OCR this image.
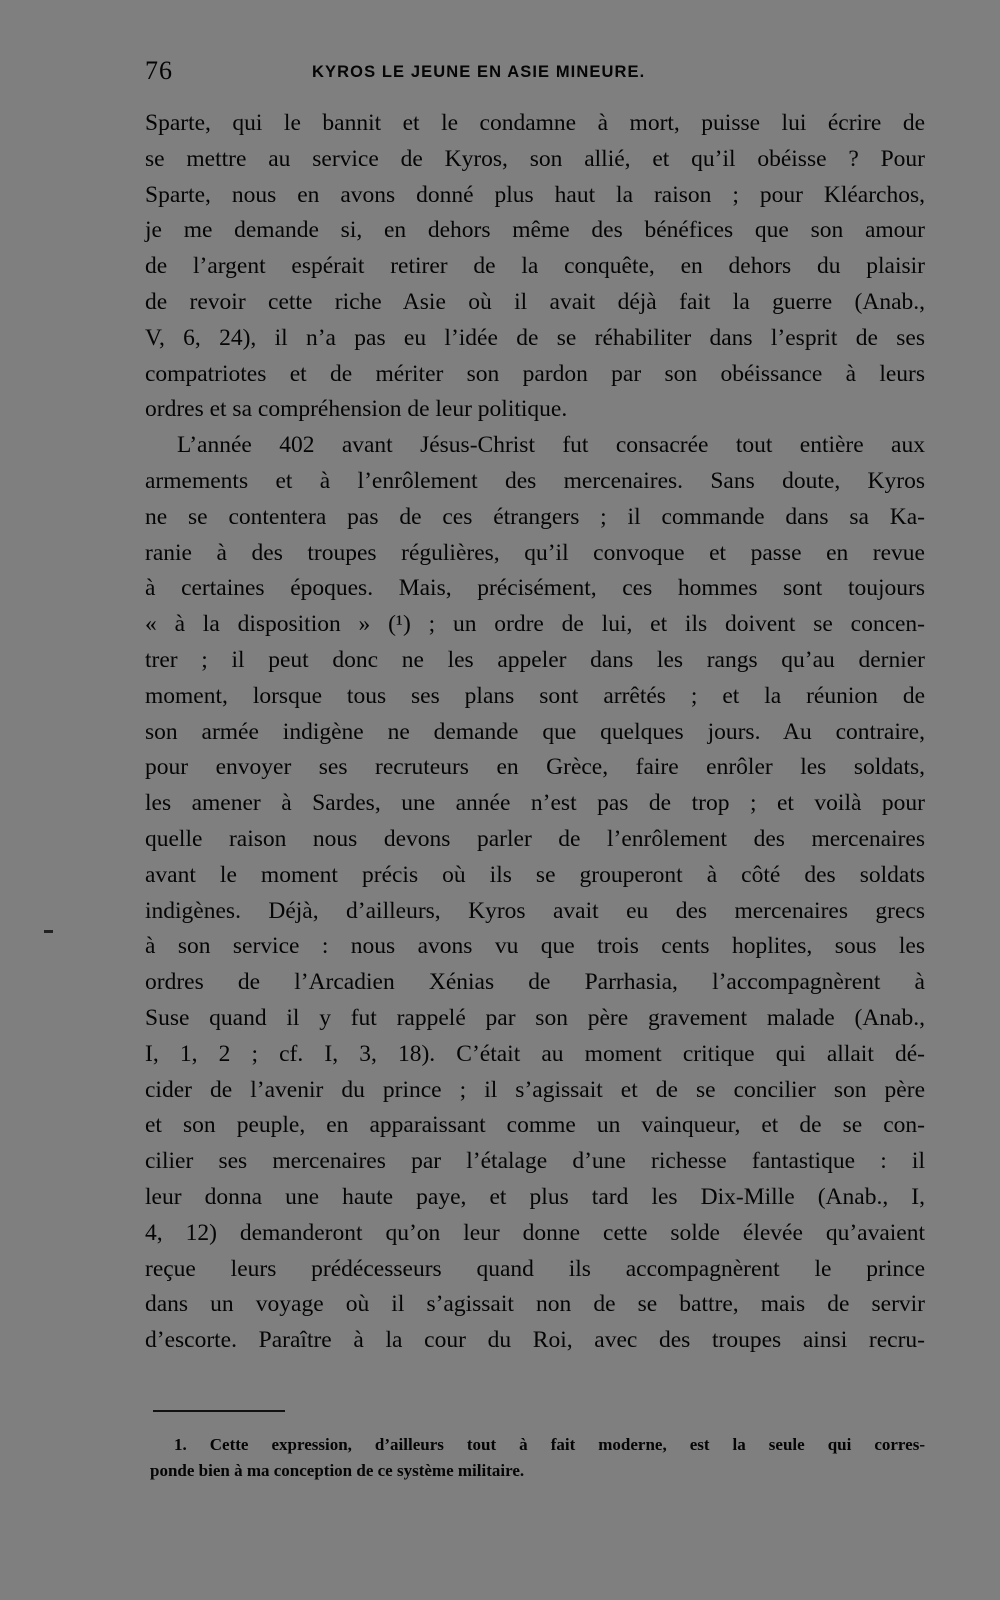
76	KYROS LE JEUNE EN ASIE MINEURE.
Sparte, qui le bannit et le condamne à mort, puisse lui écrire de
se mettre au service de Kyros, son allié, et qu’il obéisse ? Pour
Sparte, nous en avons donné plus haut la raison ; pour Kléarchos,
je me demande si, en dehors même des bénéfices que son amour
de l’argent espérait retirer de la conquête, en dehors du plaisir
de revoir cette riche Asie où il avait déjà fait la guerre (Anab.,
V, 6, 24), il n’a pas eu l’idée de se réhabiliter dans l’esprit de ses
compatriotes et de mériter son pardon par son obéissance à leurs
ordres et sa compréhension de leur politique.
L’année 402 avant Jésus-Christ fut consacrée tout entière aux
armements et à l’enrôlement des mercenaires. Sans doute, Kyros
ne se contentera pas de ces étrangers ; il commande dans sa Ka-
ranie à des troupes régulières, qu’il convoque et passe en revue
à certaines époques. Mais, précisément, ces hommes sont toujours
« à la disposition » (¹) ; un ordre de lui, et ils doivent se concen-
trer ; il peut donc ne les appeler dans les rangs qu’au dernier
moment, lorsque tous ses plans sont arrêtés ; et la réunion de
son armée indigène ne demande que quelques jours. Au contraire,
pour envoyer ses recruteurs en Grèce, faire enrôler les soldats,
les amener à Sardes, une année n’est pas de trop ; et voilà pour
quelle raison nous devons parler de l’enrôlement des mercenaires
avant le moment précis où ils se grouperont à côté des soldats
indigènes. Déjà, d’ailleurs, Kyros avait eu des mercenaires grecs
à son service : nous avons vu que trois cents hoplites, sous les
ordres de l’Arcadien Xénias de Parrhasia, l’accompagnèrent à
Suse quand il y fut rappelé par son père gravement malade (Anab.,
I, 1, 2 ; cf. I, 3, 18). C’était au moment critique qui allait dé-
cider de l’avenir du prince ; il s’agissait et de se concilier son père
et son peuple, en apparaissant comme un vainqueur, et de se con-
cilier ses mercenaires par l’étalage d’une richesse fantastique : il
leur donna une haute paye, et plus tard les Dix-Mille (Anab., I,
4, 12) demanderont qu’on leur donne cette solde élevée qu’avaient
reçue leurs prédécesseurs quand ils accompagnèrent le prince
dans un voyage où il s’agissait non de se battre, mais de servir
d’escorte. Paraître à la cour du Roi, avec des troupes ainsi recru-
1. Cette expression, d’ailleurs tout à fait moderne, est la seule qui corres-
ponde bien à ma conception de ce système militaire.
